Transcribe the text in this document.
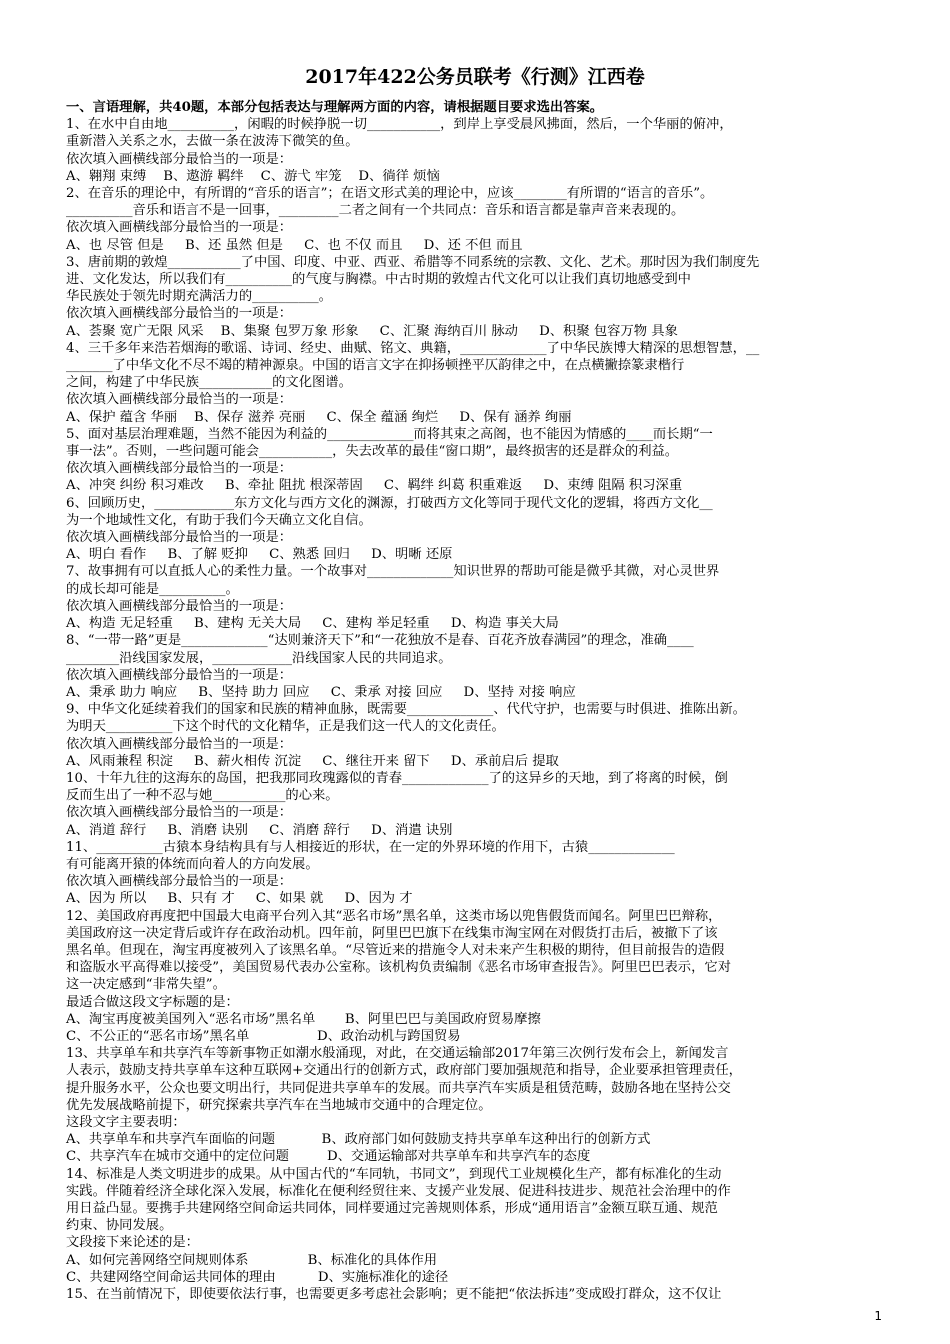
2017年422公务员联考《行测》江西卷

一、言语理解，共40题，本部分包括表达与理解两方面的内容，请根据题目要求选出答案。

1、在水中自由地__________，闲暇的时候挣脱一切___________，到岸上享受晨风拂面，然后，一个华丽的俯冲，

重新潜入关系之水，去做一条在波涛下微笑的鱼。

依次填入画横线部分最恰当的一项是：

A、翱翔 束缚    B、遨游 羁绊    C、游弋 牢笼    D、徜徉 烦恼

2、在音乐的理论中，有所谓的“音乐的语言”；在语文形式美的理论中，应该________有所谓的“语言的音乐”。

__________音乐和语言不是一回事，_________二者之间有一个共同点：音乐和语言都是靠声音来表现的。

依次填入画横线部分最恰当的一项是：

A、也 尽管 但是     B、还 虽然 但是     C、也 不仅 而且     D、还 不但 而且

3、唐前期的敦煌___________了中国、印度、中亚、西亚、希腊等不同系统的宗教、文化、艺术。那时因为我们制度先

进、文化发达，所以我们有__________的气度与胸襟。中古时期的敦煌古代文化可以让我们真切地感受到中

华民族处于领先时期充满活力的__________。

依次填入画横线部分最恰当的一项是：

A、荟聚 宽广无限 风采    B、集聚 包罗万象 形象     C、汇聚 海纳百川 脉动     D、积聚 包容万物 具象

4、三千多年来浩若烟海的歌谣、诗词、经史、曲赋、铭文、典籍，_____________了中华民族博大精深的思想智慧，__

_______了中华文化不尽不竭的精神源泉。中国的语言文字在抑扬顿挫平仄韵律之中，在点横撇捺篆隶楷行

之间，构建了中华民族___________的文化图谱。

依次填入画横线部分最恰当的一项是：

A、保护 蕴含 华丽    B、保存 滋养 亮丽     C、保全 蕴涵 绚烂     D、保有 涵养 绚丽

5、面对基层治理难题，当然不能因为利益的_____________而将其束之高阁，也不能因为情感的____而长期“一

事一法”。否则，一些问题可能会___________，失去改革的最佳“窗口期”，最终损害的还是群众的利益。

依次填入画横线部分最恰当的一项是：

A、冲突 纠纷 积习难改     B、牵扯 阻扰 根深蒂固     C、羁绊 纠葛 积重难返     D、束缚 阻隔 积习深重

6、回顾历史，____________东方文化与西方文化的渊源，打破西方文化等同于现代文化的逻辑，将西方文化__

为一个地域性文化，有助于我们今天确立文化自信。

依次填入画横线部分最恰当的一项是：

A、明白 看作     B、了解 贬抑     C、熟悉 回归     D、明晰 还原

7、故事拥有可以直抵人心的柔性力量。一个故事对_____________知识世界的帮助可能是微乎其微，对心灵世界

的成长却可能是__________。

依次填入画横线部分最恰当的一项是：

A、构造 无足轻重     B、建构 无关大局     C、建构 举足轻重     D、构造 事关大局

8、“一带一路”更是_____________“达则兼济天下”和“一花独放不是春、百花齐放春满园”的理念，准确____

________沿线国家发展，____________沿线国家人民的共同追求。

依次填入画横线部分最恰当的一项是：

A、秉承 助力 响应     B、坚持 助力 回应     C、秉承 对接 回应     D、坚持 对接 响应

9、中华文化延续着我们的国家和民族的精神血脉，既需要_____________、代代守护，也需要与时俱进、推陈出新。

为明天__________下这个时代的文化精华，正是我们这一代人的文化责任。

依次填入画横线部分最恰当的一项是：

A、风雨兼程 积淀     B、薪火相传 沉淀     C、继往开来 留下     D、承前启后 提取

10、十年九往的这海东的岛国，把我那同玫瑰露似的青春_____________了的这异乡的天地，到了将离的时候，倒

反而生出了一种不忍与她___________的心来。

依次填入画横线部分最恰当的一项是：

A、消道 辞行     B、消磨 诀别     C、消磨 辞行     D、消遣 诀别

11、__________古猿本身结构具有与人相接近的形状，在一定的外界环境的作用下，古猿_____________

有可能离开猿的体统而向着人的方向发展。

依次填入画横线部分最恰当的一项是：

A、因为 所以     B、只有 才     C、如果 就     D、因为 才

12、美国政府再度把中国最大电商平台列入其“恶名市场”黑名单，这类市场以兜售假货而闻名。阿里巴巴辩称，

美国政府这一决定背后或许存在政治动机。四年前，阿里巴巴旗下在线集市淘宝网在对假货打击后，被撤下了该

黑名单。但现在，淘宝再度被列入了该黑名单。“尽管近来的措施令人对未来产生积极的期待，但目前报告的造假

和盗版水平高得难以接受”，美国贸易代表办公室称。该机构负责编制《恶名市场审查报告》。阿里巴巴表示，它对

这一决定感到“非常失望”。

最适合做这段文字标题的是：

A、淘宝再度被美国列入“恶名市场”黑名单       B、阿里巴巴与美国政府贸易摩擦

C、不公正的“恶名市场”黑名单                D、政治动机与跨国贸易

13、共享单车和共享汽车等新事物正如潮水般涌现，对此，在交通运输部2017年第三次例行发布会上，新闻发言

人表示，鼓励支持共享单车这种互联网+交通出行的创新方式，政府部门要加强规范和指导，企业要承担管理责任，

提升服务水平，公众也要文明出行，共同促进共享单车的发展。而共享汽车实质是租赁范畴，鼓励各地在坚持公交

优先发展战略前提下，研究探索共享汽车在当地城市交通中的合理定位。

这段文字主要表明：

A、共享单车和共享汽车面临的问题           B、政府部门如何鼓励支持共享单车这种出行的创新方式

C、共享汽车在城市交通中的定位问题         D、交通运输部对共享单车和共享汽车的态度

14、标准是人类文明进步的成果。从中国古代的“车同轨，书同文”，到现代工业规模化生产，都有标准化的生动

实践。伴随着经济全球化深入发展，标准化在便利经贸往来、支援产业发展、促进科技进步、规范社会治理中的作

用日益凸显。要携手共建网络空间命运共同体，同样要通过完善规则体系，形成“通用语言”金额互联互通、规范

约束、协同发展。

文段接下来论述的是：

A、如何完善网络空间规则体系              B、标准化的具体作用

C、共建网络空间命运共同体的理由          D、实施标准化的途径

15、在当前情况下，即使要依法行事，也需要更多考虑社会影响；更不能把“依法拆违”变成殴打群众，这不仅让

1
